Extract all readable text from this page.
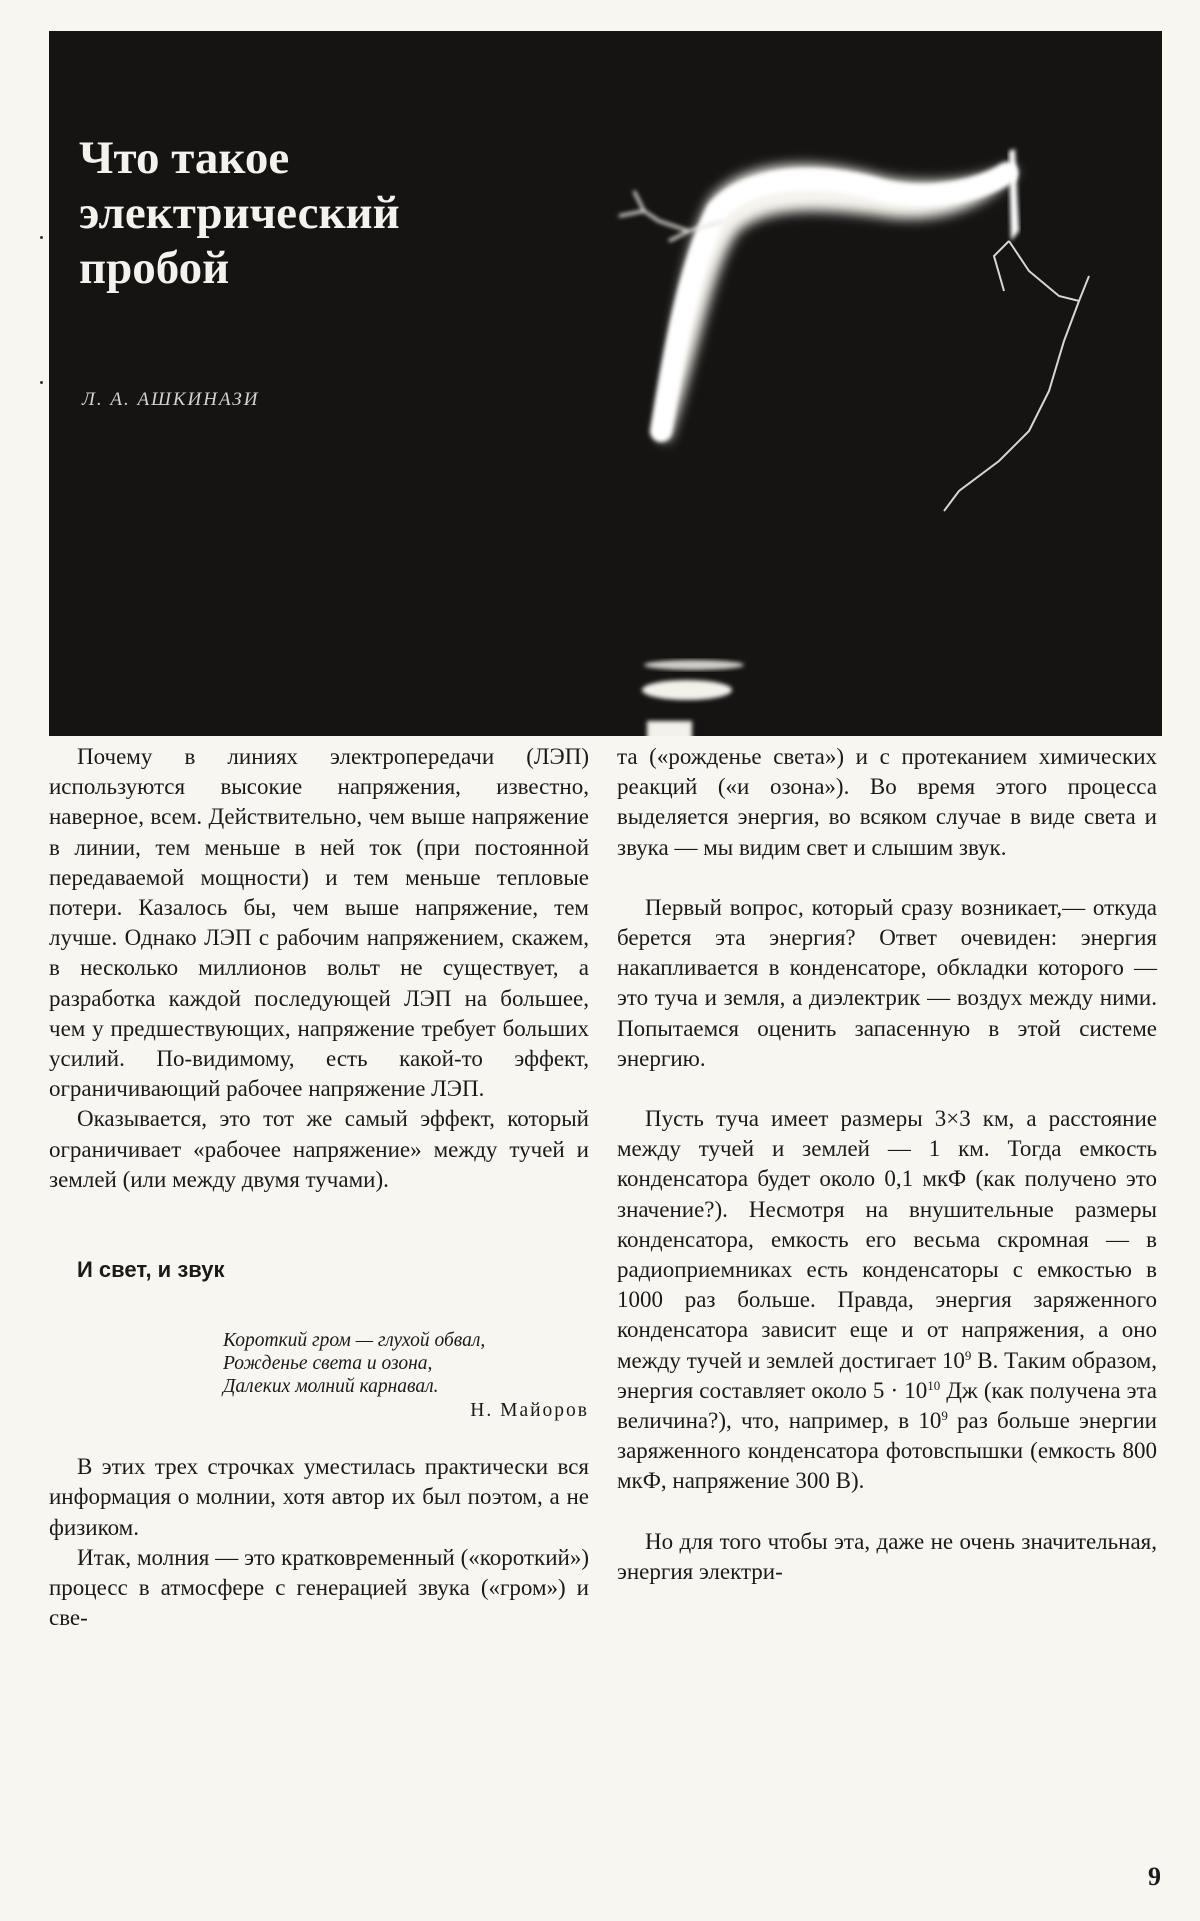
Что такое
электрический
пробой
Л. А. АШКИНАЗИ

Почему в линиях электропередачи (ЛЭП) используются высокие напряжения, известно, наверное, всем. Действительно, чем выше напряжение в линии, тем меньше в ней ток (при постоянной передаваемой мощности) и тем меньше тепловые потери. Казалось бы, чем выше напряжение, тем лучше. Однако ЛЭП с рабочим напряжением, скажем, в несколько миллионов вольт не существует, а разработка каждой последующей ЛЭП на большее, чем у предшествующих, напряжение требует больших усилий. По-видимому, есть какой-то эффект, ограничивающий рабочее напряжение ЛЭП.

Оказывается, это тот же самый эффект, который ограничивает «рабочее напряжение» между тучей и землей (или между двумя тучами).

И свет, и звук

Короткий гром — глухой обвал,
Рожденье света и озона,
Далеких молний карнавал.
Н. Майоров

В этих трех строчках уместилась практически вся информация о молнии, хотя автор их был поэтом, а не физиком.

Итак, молния — это кратковременный («короткий») процесс в атмосфере с генерацией звука («гром») и све-

та («рожденье света») и с протеканием химических реакций («и озона»). Во время этого процесса выделяется энергия, во всяком случае в виде света и звука — мы видим свет и слышим звук.

Первый вопрос, который сразу возникает,— откуда берется эта энергия? Ответ очевиден: энергия накапливается в конденсаторе, обкладки которого — это туча и земля, а диэлектрик — воздух между ними. Попытаемся оценить запасенную в этой системе энергию.

Пусть туча имеет размеры 3×3 км, а расстояние между тучей и землей — 1 км. Тогда емкость конденсатора будет около 0,1 мкФ (как получено это значение?). Несмотря на внушительные размеры конденсатора, емкость его весьма скромная — в радиоприемниках есть конденсаторы с емкостью в 1000 раз больше. Правда, энергия заряженного конденсатора зависит еще и от напряжения, а оно между тучей и землей достигает $10^9$ В. Таким образом, энергия составляет около $5 \cdot 10^{10}$ Дж (как получена эта величина?), что, например, в $10^9$ раз больше энергии заряженного конденсатора фотовспышки (емкость 800 мкФ, напряжение 300 В).

Но для того чтобы эта, даже не очень значительная, энергия электри-

9
